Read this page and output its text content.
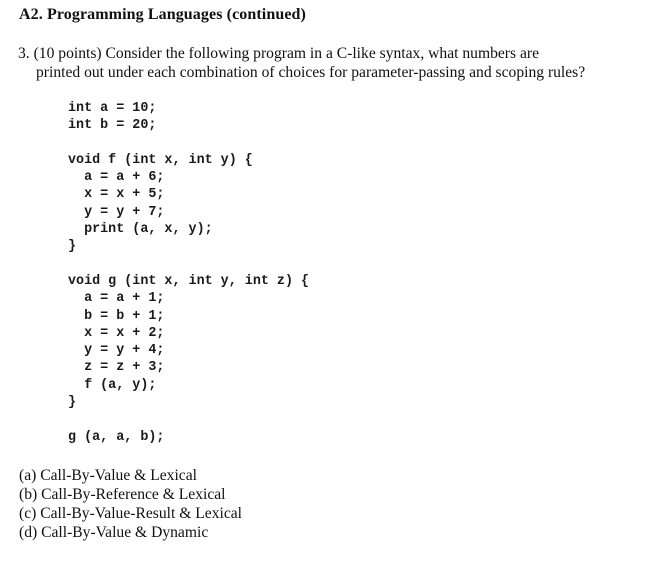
A2. Programming Languages (continued)
3. (10 points) Consider the following program in a C-like syntax, what numbers are
printed out under each combination of choices for parameter-passing and scoping rules?
int a = 10;
int b = 20;
void f (int x, int y) {
a = a + 6;
x = x + 5;
y = y + 7;
print (a, x, y);
}
void g (int x, int y, int z) {
a = a + 1;
b = b + 1;
x = x + 2;
y = y + 4;
z = z + 3;
f (a, y);
}
g (a, a, b);
(a) Call-By-Value & Lexical
(b) Call-By-Reference & Lexical
(c) Call-By-Value-Result & Lexical
(d) Call-By-Value & Dynamic
